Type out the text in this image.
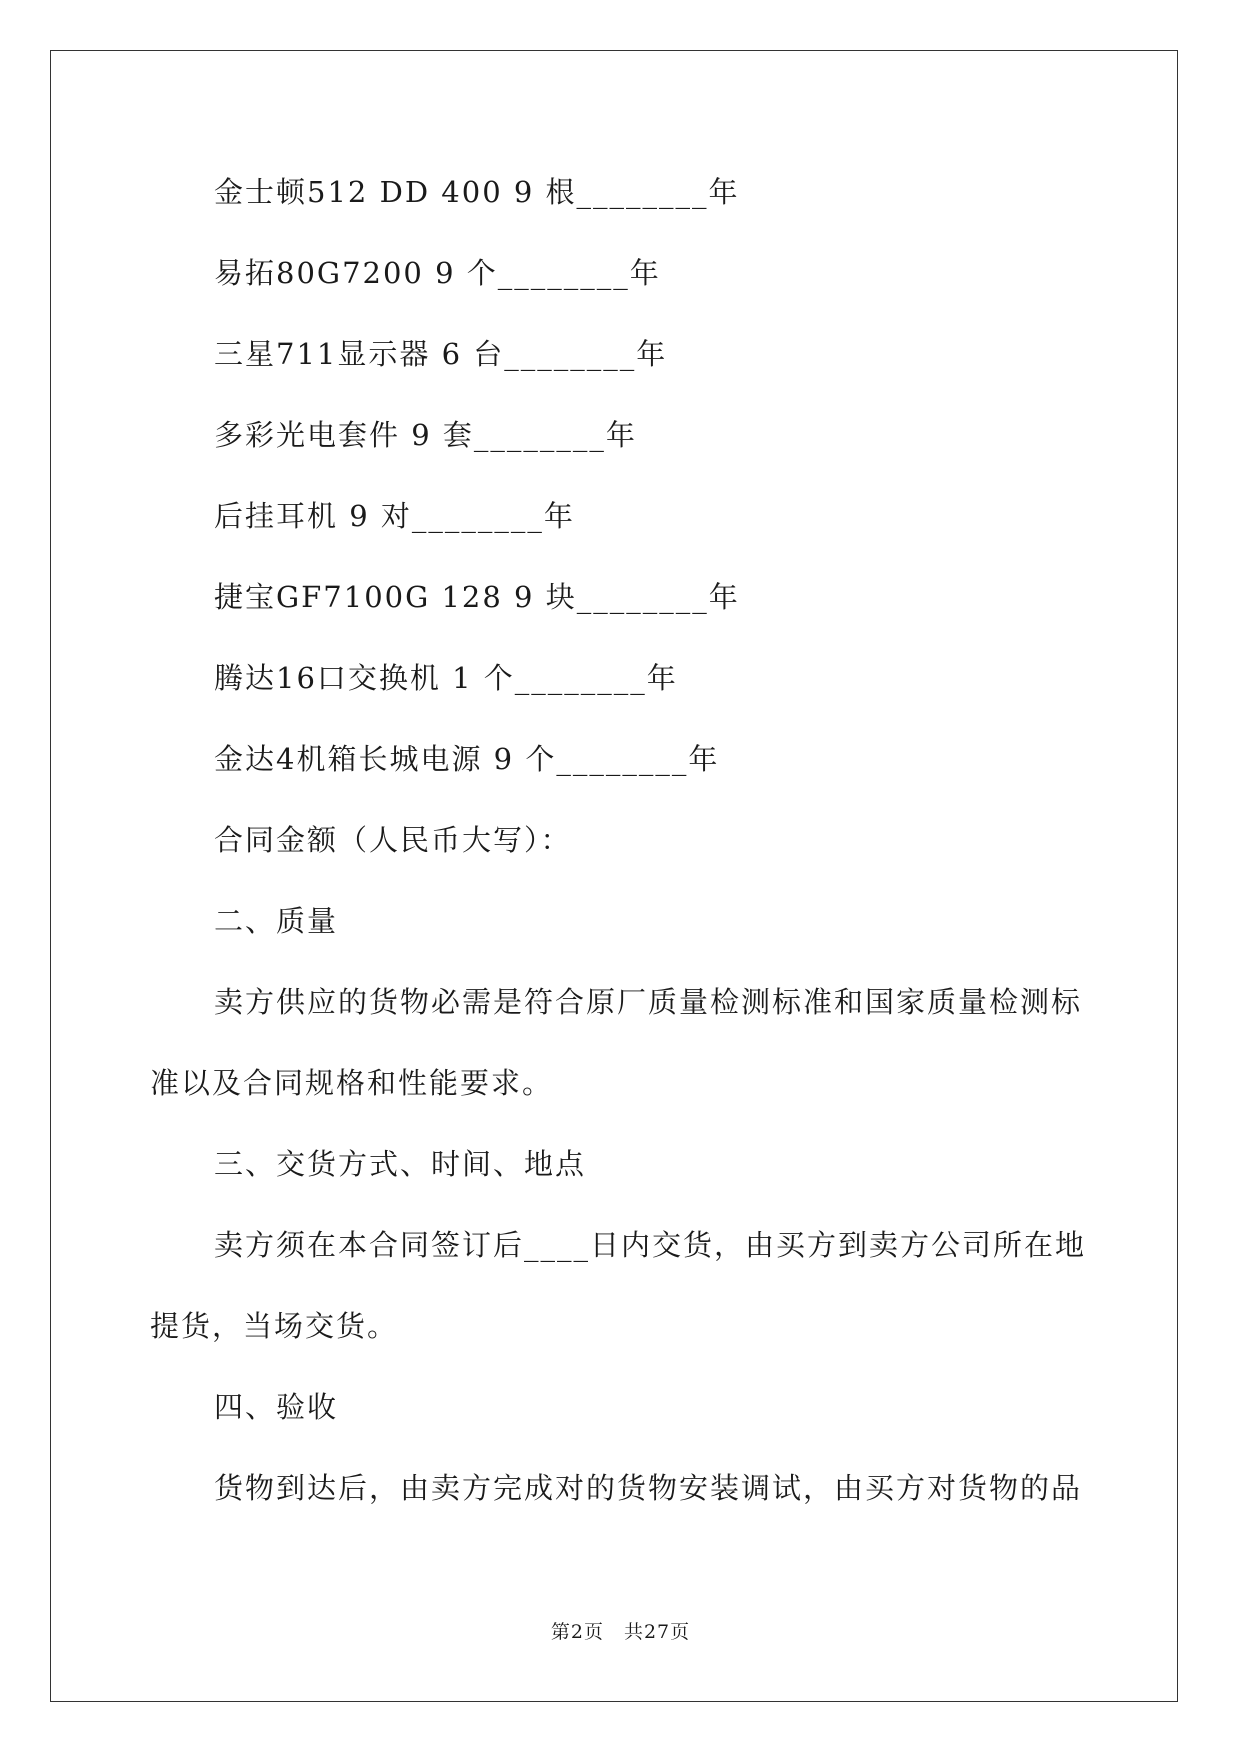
金士顿512 DD 400 9 根________年
易拓80G7200 9 个________年
三星711显示器 6 台________年
多彩光电套件 9 套________年
后挂耳机 9 对________年
捷宝GF7100G 128 9 块________年
腾达16口交换机 1 个________年
金达4机箱长城电源 9 个________年
合同金额（人民币大写）：
二、质量
卖方供应的货物必需是符合原厂质量检测标准和国家质量检测标
准以及合同规格和性能要求。
三、交货方式、时间、地点
卖方须在本合同签订后____日内交货，由买方到卖方公司所在地
提货，当场交货。
四、验收
货物到达后，由卖方完成对的货物安装调试，由买方对货物的品
第2页　共27页
